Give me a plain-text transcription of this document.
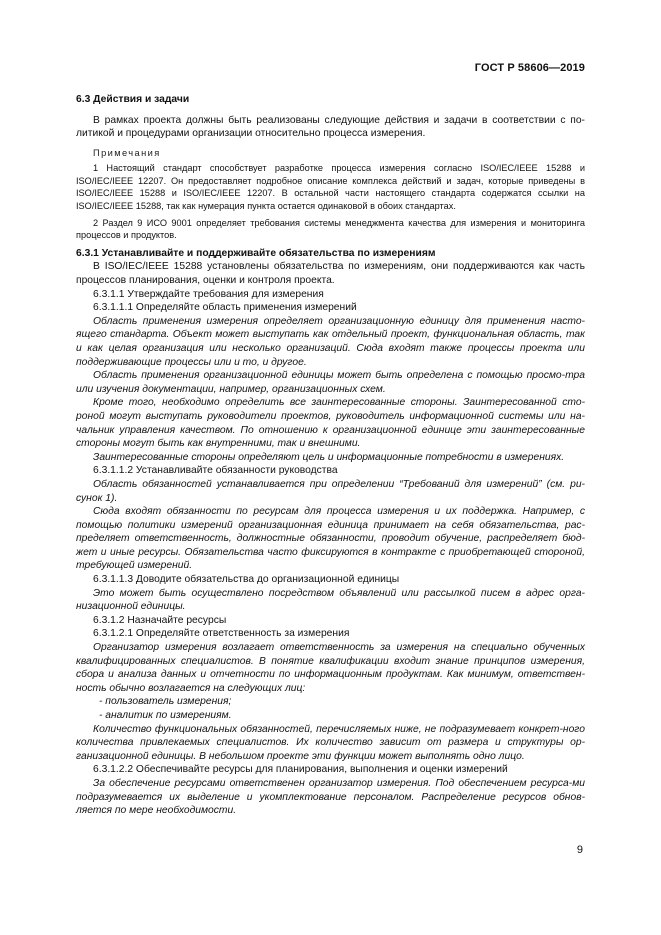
ГОСТ Р 58606—2019

6.3 Действия и задачи

В рамках проекта должны быть реализованы следующие действия и задачи в соответствии с по-литикой и процедурами организации относительно процесса измерения.

Примечания

1 Настоящий стандарт способствует разработке процесса измерения согласно ISO/IEC/IEEE 15288 и ISO/IEC/IEEE 12207. Он предоставляет подробное описание комплекса действий и задач, которые приведены в ISO/IEC/IEEE 15288 и ISO/IEC/IEEE 12207. В остальной части настоящего стандарта содержатся ссылки на ISO/IEC/IEEE 15288, так как нумерация пункта остается одинаковой в обоих стандартах.

2 Раздел 9 ИСО 9001 определяет требования системы менеджмента качества для измерения и мониторинга процессов и продуктов.

6.3.1 Устанавливайте и поддерживайте обязательства по измерениям

В ISO/IEC/IEEE 15288 установлены обязательства по измерениям, они поддерживаются как часть процессов планирования, оценки и контроля проекта.

6.3.1.1 Утверждайте требования для измерения

6.3.1.1.1 Определяйте область применения измерений

Область применения измерения определяет организационную единицу для применения насто-ящего стандарта. Объект может выступать как отдельный проект, функциональная область, так и как целая организация или несколько организаций. Сюда входят также процессы проекта или поддерживающие процессы или и то, и другое.

Область применения организационной единицы может быть определена с помощью просмо-тра или изучения документации, например, организационных схем.

Кроме того, необходимо определить все заинтересованные стороны. Заинтересованной сто-роной могут выступать руководители проектов, руководитель информационной системы или на-чальник управления качеством. По отношению к организационной единице эти заинтересованные стороны могут быть как внутренними, так и внешними.

Заинтересованные стороны определяют цель и информационные потребности в измерениях.

6.3.1.1.2 Устанавливайте обязанности руководства

Область обязанностей устанавливается при определении “Требований для измерений” (см. ри-сунок 1).

Сюда входят обязанности по ресурсам для процесса измерения и их поддержка. Например, с помощью политики измерений организационная единица принимает на себя обязательства, рас-пределяет ответственность, должностные обязанности, проводит обучение, распределяет бюд-жет и иные ресурсы. Обязательства часто фиксируются в контракте с приобретающей стороной, требующей измерений.

6.3.1.1.3 Доводите обязательства до организационной единицы

Это может быть осуществлено посредством объявлений или рассылкой писем в адрес орга-низационной единицы.

6.3.1.2 Назначайте ресурсы

6.3.1.2.1 Определяйте ответственность за измерения

Организатор измерения возлагает ответственность за измерения на специально обученных квалифицированных специалистов. В понятие квалификации входит знание принципов измерения, сбора и анализа данных и отчетности по информационным продуктам. Как минимум, ответствен-ность обычно возлагается на следующих лиц:

- пользователь измерения;

- аналитик по измерениям.

Количество функциональных обязанностей, перечисляемых ниже, не подразумевает конкрет-ного количества привлекаемых специалистов. Их количество зависит от размера и структуры ор-ганизационной единицы. В небольшом проекте эти функции может выполнять одно лицо.

6.3.1.2.2 Обеспечивайте ресурсы для планирования, выполнения и оценки измерений

За обеспечение ресурсами ответственен организатор измерения. Под обеспечением ресурса-ми подразумевается их выделение и укомплектование персоналом. Распределение ресурсов обнов-ляется по мере необходимости.

9
